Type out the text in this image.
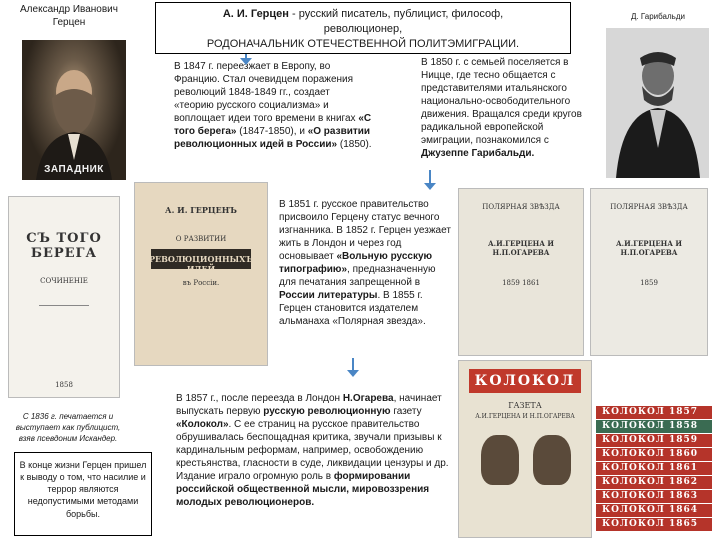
Александр Иванович Герцен
ЗАПАДНИК
А. И. Герцен - русский писатель, публицист, философ,
революционер,
РОДОНАЧАЛЬНИК ОТЕЧЕСТВЕННОЙ ПОЛИТЭМИГРАЦИИ.
Д. Гарибальди
В 1847 г. переезжает в Европу, во Францию. Стал очевидцем поражения революций 1848-1849 гг., создает «теорию русского социализма» и воплощает идеи того времени в книгах «С того берега» (1847-1850), и «О развитии революционных идей в России» (1850).
В 1850 г. с семьей поселяется в Ницце, где тесно общается с представителями итальянского национально-освободительного движения. Вращался среди кругов радикальной европейской эмиграции, познакомился с Джузеппе Гарибальди.
СЪ ТОГО БЕРЕГА
СОЧИНЕНІЕ
1858
А. И. ГЕРЦЕНЪ
О РАЗВИТИИ
РЕВОЛЮЦИОННЫХЪ ИДЕЙ
въ Россіи.
В 1851 г. русское правительство присвоило Герцену статус вечного изгнанника. В 1852 г. Герцен уезжает жить в Лондон и через год основывает «Вольную русскую типографию», предназначенную для печатания запрещенной в России литературы. В 1855 г. Герцен становится издателем альманаха «Полярная звезда».
ПОЛЯРНАЯ ЗВѢЗДА
А.И.ГЕРЦЕНА И Н.П.ОГАРЕВА
1859 1861
ПОЛЯРНАЯ ЗВѢЗДА
А.И.ГЕРЦЕНА И Н.П.ОГАРЕВА
1859
С 1836 г. печатается и выступает как публицист, взяв псевдоним Искандер.
В конце жизни Герцен пришел к выводу о том, что насилие и террор являются недопустимыми методами борьбы.
В 1857 г., после переезда в Лондон Н.Огарева, начинает выпускать первую русскую революционную газету «Колокол». С ее страниц на русское правительство обрушивалась беспощадная критика, звучали призывы к кардинальным реформам, например, освобождению крестьянства, гласности в суде, ликвидации цензуры и др. Издание играло огромную роль в формировании российской общественной мысли, мировоззрения молодых революционеров.
КОЛОКОЛ
ГАЗЕТА
А.И.ГЕРЦЕНА И Н.П.ОГАРЕВА	КОЛОКОЛ 1857
КОЛОКОЛ 1858
КОЛОКОЛ 1859
КОЛОКОЛ 1860
КОЛОКОЛ 1861
КОЛОКОЛ 1862
КОЛОКОЛ 1863
КОЛОКОЛ 1864
КОЛОКОЛ 1865
